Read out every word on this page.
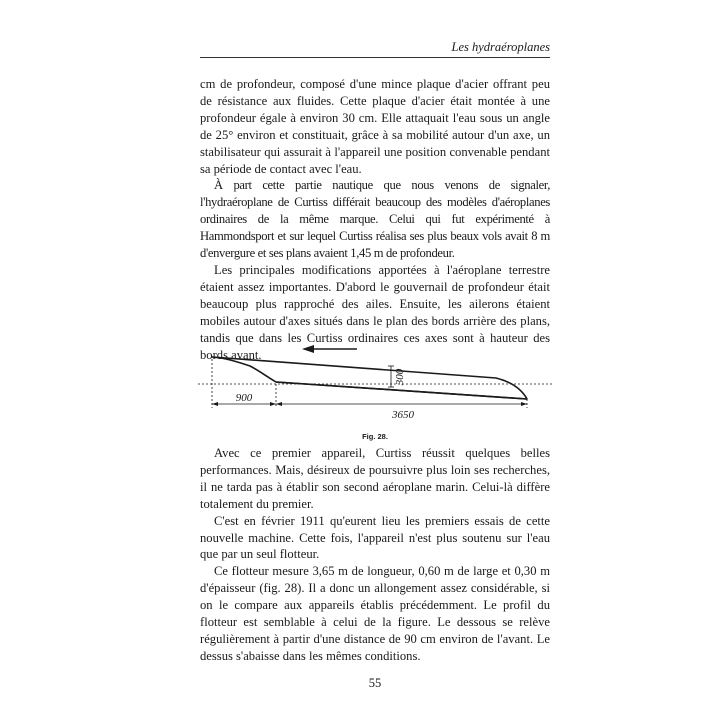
Les hydraéroplanes

cm de profondeur, composé d'une mince plaque d'acier offrant peu de résistance aux fluides. Cette plaque d'acier était montée à une profondeur égale à environ 30 cm. Elle attaquait l'eau sous un angle de 25° environ et constituait, grâce à sa mobilité autour d'un axe, un stabilisateur qui assurait à l'appareil une position convenable pendant sa période de contact avec l'eau.

À part cette partie nautique que nous venons de signaler, l'hydraéroplane de Curtiss différait beaucoup des modèles d'aéroplanes ordinaires de la même marque. Celui qui fut expérimenté à Hammondsport et sur lequel Curtiss réalisa ses plus beaux vols avait 8 m d'envergure et ses plans avaient 1,45 m de profondeur.

Les principales modifications apportées à l'aéroplane terrestre étaient assez importantes. D'abord le gouvernail de profondeur était beaucoup plus rapproché des ailes. Ensuite, les ailerons étaient mobiles autour d'axes situés dans le plan des bords arrière des plans, tandis que dans les Curtiss ordinaires ces axes sont à hauteur des bords avant.

300
900
3650
Fig. 28.

Avec ce premier appareil, Curtiss réussit quelques belles performances. Mais, désireux de poursuivre plus loin ses recherches, il ne tarda pas à établir son second aéroplane marin. Celui-là diffère totalement du premier.

C'est en février 1911 qu'eurent lieu les premiers essais de cette nouvelle machine. Cette fois, l'appareil n'est plus soutenu sur l'eau que par un seul flotteur.

Ce flotteur mesure 3,65 m de longueur, 0,60 m de large et 0,30 m d'épaisseur (fig. 28). Il a donc un allongement assez considérable, si on le compare aux appareils établis précédemment. Le profil du flotteur est semblable à celui de la figure. Le dessous se relève régulièrement à partir d'une distance de 90 cm environ de l'avant. Le dessus s'abaisse dans les mêmes conditions.

55
